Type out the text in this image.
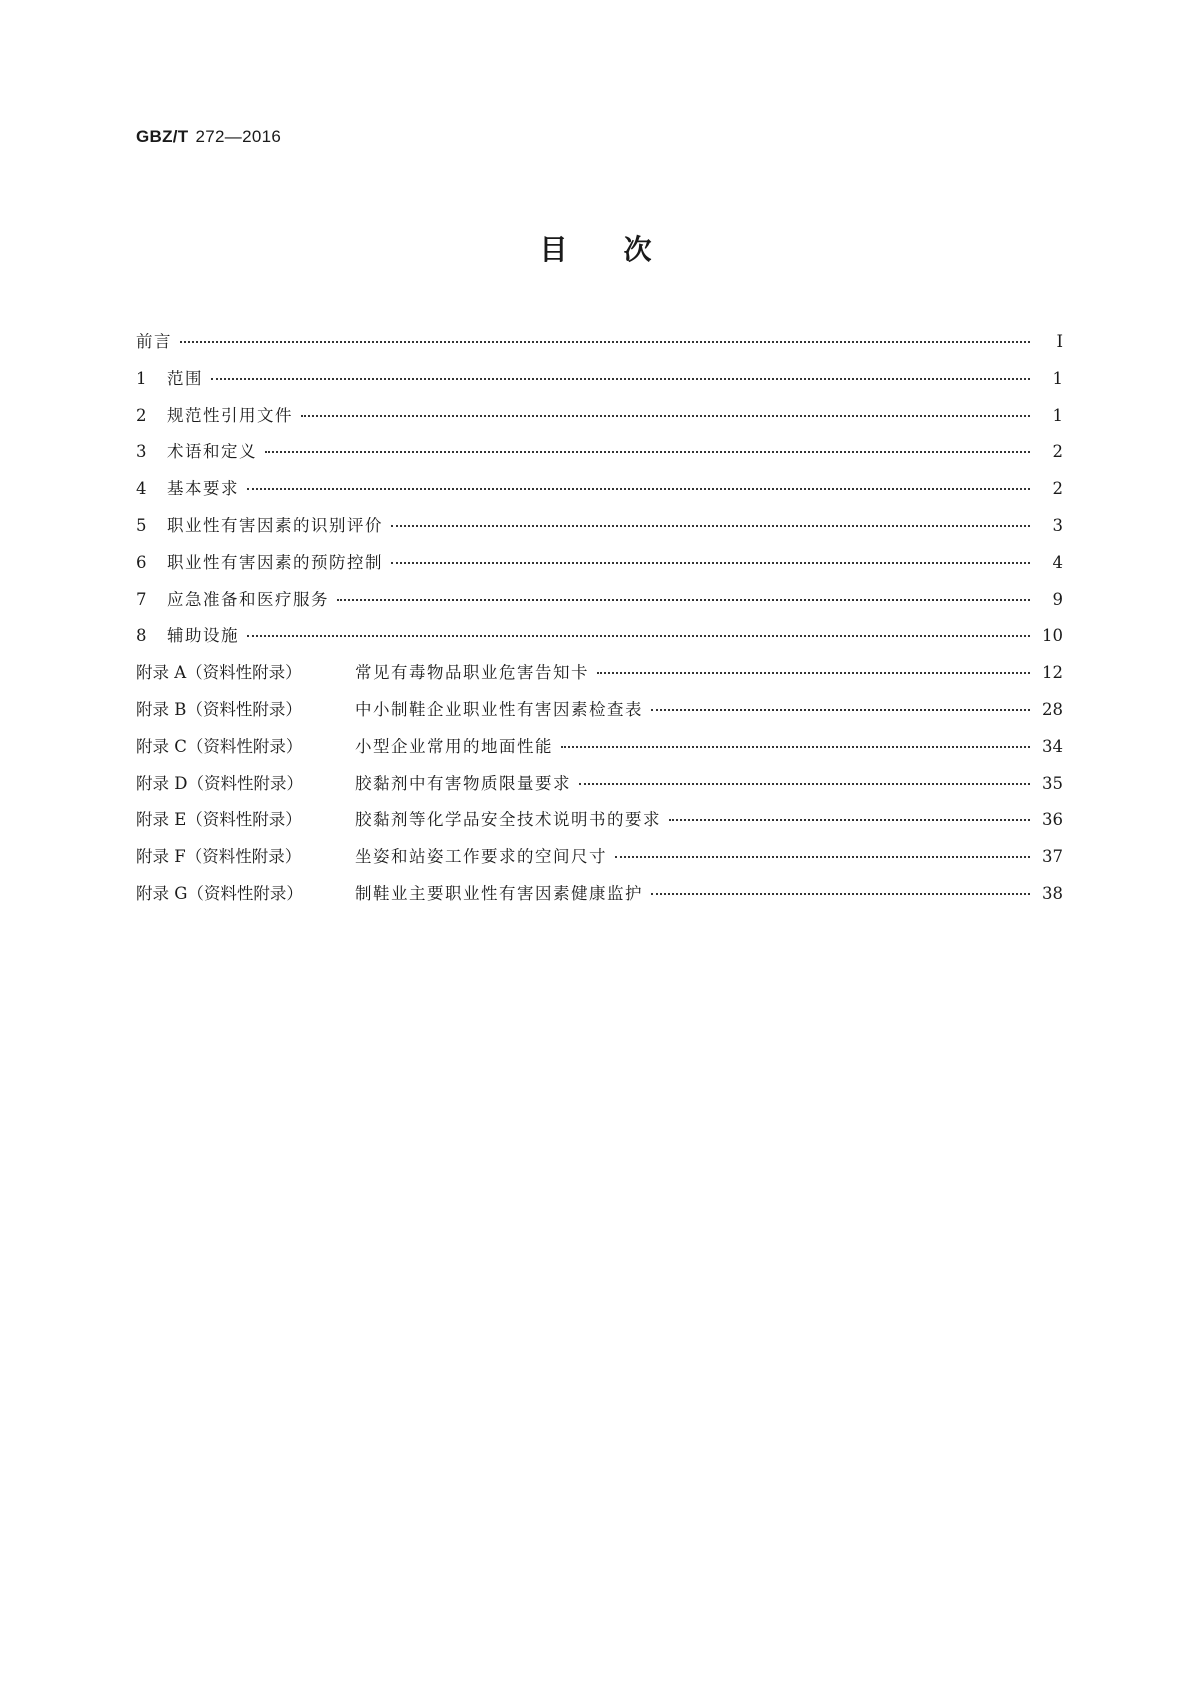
GBZ/T 272—2016
目　　次
前言	Ⅰ
1	范围	1
2	规范性引用文件	1
3	术语和定义	2
4	基本要求	2
5	职业性有害因素的识别评价	3
6	职业性有害因素的预防控制	4
7	应急准备和医疗服务	9
8	辅助设施	10
附录 A（资料性附录）	常见有毒物品职业危害告知卡	12
附录 B（资料性附录）	中小制鞋企业职业性有害因素检查表	28
附录 C（资料性附录）	小型企业常用的地面性能	34
附录 D（资料性附录）	胶黏剂中有害物质限量要求	35
附录 E（资料性附录）	胶黏剂等化学品安全技术说明书的要求	36
附录 F（资料性附录）	坐姿和站姿工作要求的空间尺寸	37
附录 G（资料性附录）	制鞋业主要职业性有害因素健康监护	38
